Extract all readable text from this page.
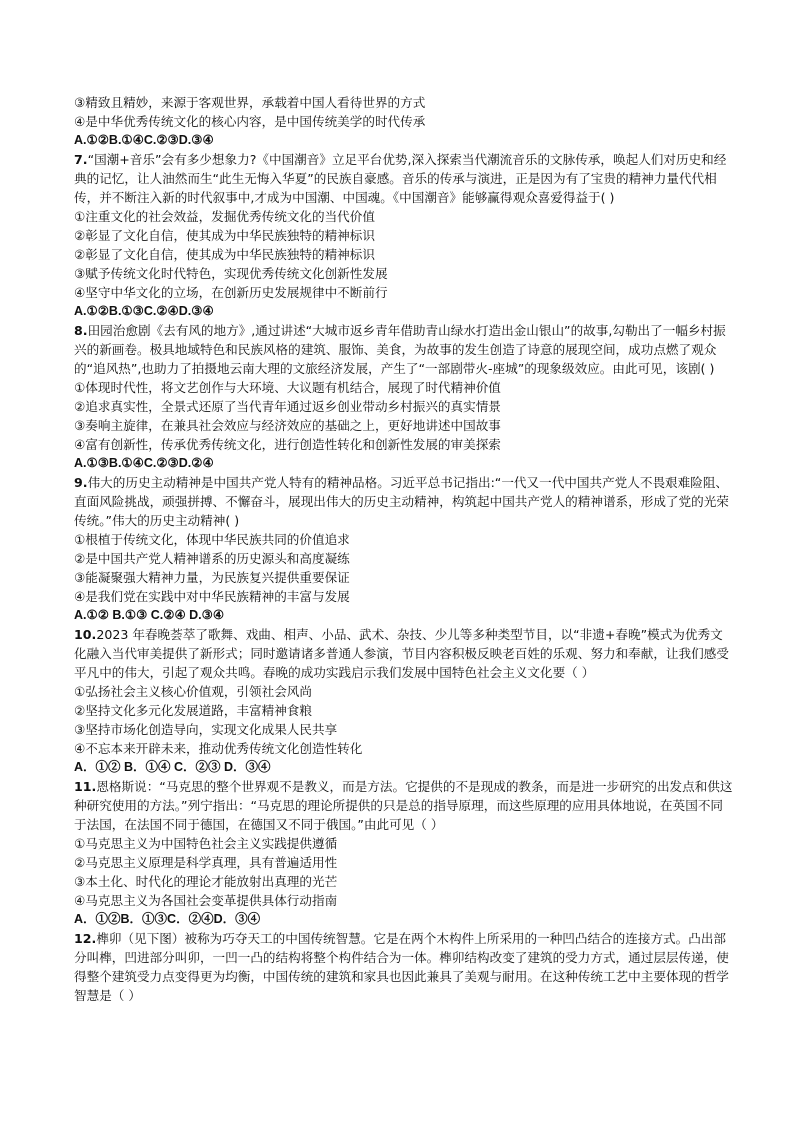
③精致且精妙，来源于客观世界，承载着中国人看待世界的方式
④是中华优秀传统文化的核心内容，是中国传统美学的时代传承
A.①②B.①④C.②③D.③④
7.“国潮+音乐”会有多少想象力?《中国潮音》立足平台优势,深入探索当代潮流音乐的文脉传承，唤起人们对历史和经典的记忆，让人油然而生“此生无悔入华夏”的民族自豪感。音乐的传承与演进，正是因为有了宝贵的精神力量代代相传，并不断注入新的时代叙事中,才成为中国潮、中国魂。《中国潮音》能够赢得观众喜爱得益于( )
①注重文化的社会效益，发掘优秀传统文化的当代价值
②彰显了文化自信，使其成为中华民族独特的精神标识
②彰显了文化自信，使其成为中华民族独特的精神标识
③赋予传统文化时代特色，实现优秀传统文化创新性发展
④坚守中华文化的立场，在创新历史发展规律中不断前行
A.①②B.①③C.②④D.③④
8.田园治愈剧《去有风的地方》,通过讲述“大城市返乡青年借助青山绿水打造出金山银山”的故事,勾勒出了一幅乡村振兴的新画卷。极具地域特色和民族风格的建筑、服饰、美食，为故事的发生创造了诗意的展现空间，成功点燃了观众的“追风热”,也助力了拍摄地云南大理的文旅经济发展，产生了“一部剧带火-座城”的现象级效应。由此可见，该剧( )
①体现时代性，将文艺创作与大环境、大议题有机结合，展现了时代精神价值
②追求真实性，全景式还原了当代青年通过返乡创业带动乡村振兴的真实情景
③奏响主旋律，在兼具社会效应与经济效应的基础之上，更好地讲述中国故事
④富有创新性，传承优秀传统文化，进行创造性转化和创新性发展的审美探索
A.①③B.①④C.②③D.②④
9.伟大的历史主动精神是中国共产党人特有的精神品格。习近平总书记指出:“一代又一代中国共产党人不畏艰难险阻、直面风险挑战，顽强拼搏、不懈奋斗，展现出伟大的历史主动精神，构筑起中国共产党人的精神谱系，形成了党的光荣传统。”伟大的历史主动精神( )
①根植于传统文化，体现中华民族共同的价值追求
②是中国共产党人精神谱系的历史源头和高度凝练
③能凝聚强大精神力量，为民族复兴提供重要保证
④是我们党在实践中对中华民族精神的丰富与发展
A.①② B.①③ C.②④ D.③④
10.2023 年春晚荟萃了歌舞、戏曲、相声、小品、武术、杂技、少儿等多种类型节目，以“非遗+春晚”模式为优秀文化融入当代审美提供了新形式；同时邀请诸多普通人参演，节目内容积极反映老百姓的乐观、努力和奉献，让我们感受平凡中的伟大，引起了观众共鸣。春晚的成功实践启示我们发展中国特色社会主义文化要（ ）
①弘扬社会主义核心价值观，引领社会风尚
②坚持文化多元化发展道路，丰富精神食粮
③坚持市场化创造导向，实现文化成果人民共享
④不忘本来开辟未来，推动优秀传统文化创造性转化
A．①② B．①④ C．②③ D．③④
11.恩格斯说：“马克思的整个世界观不是教义，而是方法。它提供的不是现成的教条，而是进一步研究的出发点和供这种研究使用的方法。”列宁指出：“马克思的理论所提供的只是总的指导原理，而这些原理的应用具体地说，在英国不同于法国，在法国不同于德国，在德国又不同于俄国。”由此可见（ ）
①马克思主义为中国特色社会主义实践提供遵循
②马克思主义原理是科学真理，具有普遍适用性
③本土化、时代化的理论才能放射出真理的光芒
④马克思主义为各国社会变革提供具体行动指南
A．①②B．①③C．②④D．③④
12.榫卯（见下图）被称为巧夺天工的中国传统智慧。它是在两个木构件上所采用的一种凹凸结合的连接方式。凸出部分叫榫，凹进部分叫卯，一凹一凸的结构将整个构件结合为一体。榫卯结构改变了建筑的受力方式，通过层层传递，使得整个建筑受力点变得更为均衡，中国传统的建筑和家具也因此兼具了美观与耐用。在这种传统工艺中主要体现的哲学智慧是（ ）
